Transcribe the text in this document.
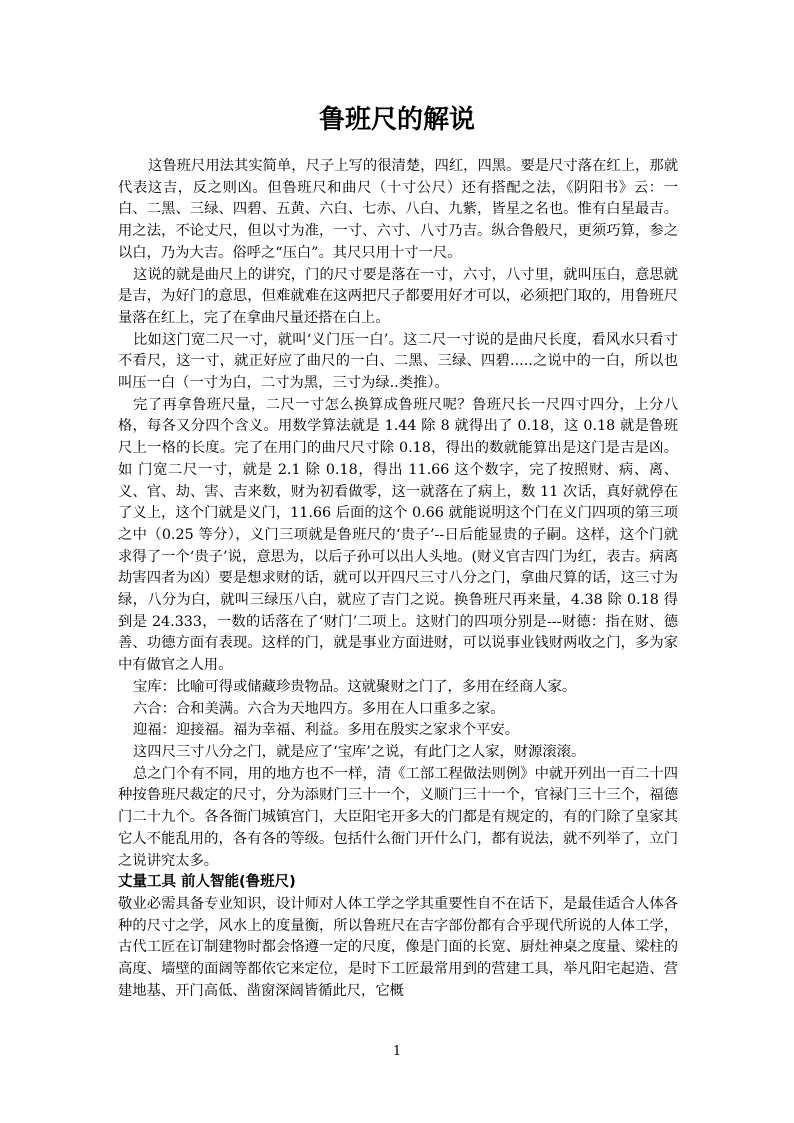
鲁班尺的解说

这鲁班尺用法其实简单，尺子上写的很清楚，四红，四黑。要是尺寸落在红上，那就代表这吉，反之则凶。但鲁班尺和曲尺（十寸公尺）还有搭配之法，《阴阳书》云：一白、二黑、三绿、四碧、五黄、六白、七赤、八白、九紫，皆星之名也。惟有白星最吉。用之法，不论丈尺，但以寸为准，一寸、六寸、八寸乃吉。纵合鲁般尺，更须巧算，参之以白，乃为大吉。俗呼之“压白”。其尺只用十寸一尺。

这说的就是曲尺上的讲究，门的尺寸要是落在一寸，六寸，八寸里，就叫压白，意思就是吉，为好门的意思，但难就难在这两把尺子都要用好才可以，必须把门取的，用鲁班尺量落在红上，完了在拿曲尺量还搭在白上。

比如这门宽二尺一寸，就叫‘义门压一白’。这二尺一寸说的是曲尺长度，看风水只看寸不看尺，这一寸，就正好应了曲尺的一白、二黑、三绿、四碧.....之说中的一白，所以也叫压一白（一寸为白，二寸为黑，三寸为绿..类推）。

完了再拿鲁班尺量，二尺一寸怎么换算成鲁班尺呢？鲁班尺长一尺四寸四分，上分八格，每各又分四个含义。用数学算法就是 1.44 除 8 就得出了 0.18，这 0.18 就是鲁班尺上一格的长度。完了在用门的曲尺尺寸除 0.18，得出的数就能算出是这门是吉是凶。如 门宽二尺一寸，就是 2.1 除 0.18，得出 11.66 这个数字，完了按照财、病、离、义、官、劫、害、吉来数，财为初看做零，这一就落在了病上，数 11 次话，真好就停在了义上，这个门就是义门，11.66 后面的这个 0.66 就能说明这个门在义门四项的第三项之中（0.25 等分），义门三项就是鲁班尺的‘贵子’--日后能显贵的子嗣。这样，这个门就求得了一个‘贵子’说，意思为，以后子孙可以出人头地。(财义官吉四门为红，表吉。病离劫害四者为凶）要是想求财的话，就可以开四尺三寸八分之门，拿曲尺算的话，这三寸为绿，八分为白，就叫三绿压八白，就应了吉门之说。换鲁班尺再来量，4.38 除 0.18 得到是 24.333，一数的话落在了‘财门’二项上。这财门的四项分别是---财德：指在财、德善、功德方面有表现。这样的门，就是事业方面进财，可以说事业钱财两收之门，多为家中有做官之人用。

宝库：比喻可得或储藏珍贵物品。这就聚财之门了，多用在经商人家。

六合：合和美满。六合为天地四方。多用在人口重多之家。

迎福：迎接福。福为幸福、利益。多用在殷实之家求个平安。

这四尺三寸八分之门，就是应了‘宝库’之说，有此门之人家，财源滚滚。

总之门个有不同，用的地方也不一样，清《工部工程做法则例》中就开列出一百二十四种按鲁班尺裁定的尺寸，分为添财门三十一个，义顺门三十一个，官禄门三十三个，福德门二十九个。各各衙门城镇宫门，大臣阳宅开多大的门都是有规定的，有的门除了皇家其它人不能乱用的，各有各的等级。包括什么衙门开什么门，都有说法，就不列举了，立门之说讲究太多。

丈量工具 前人智能(鲁班尺)

敬业必需具备专业知识，设计师对人体工学之学其重要性自不在话下，是最佳适合人体各种的尺寸之学，风水上的度量衡，所以鲁班尺在吉字部份都有合乎现代所说的人体工学，古代工匠在订制建物时都会恪遵一定的尺度，像是门面的长宽、厨灶神桌之度量、梁柱的高度、墙壁的面阔等都依它来定位，是时下工匠最常用到的营建工具，举凡阳宅起造、营建地基、开门高低、凿窗深阔皆循此尺，它概

1
